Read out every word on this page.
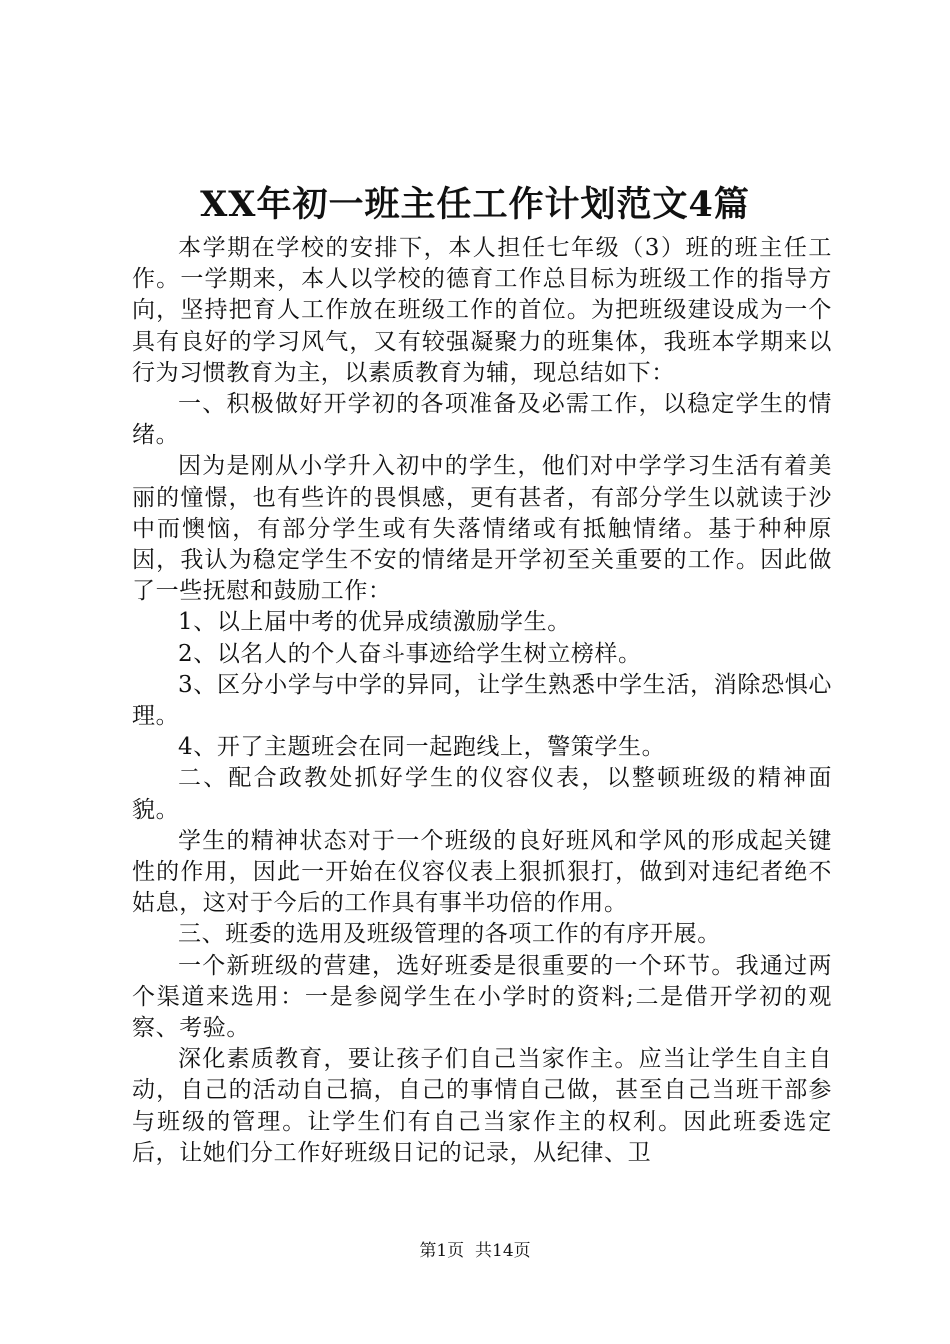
XX年初一班主任工作计划范文4篇

本学期在学校的安排下，本人担任七年级（3）班的班主任工作。一学期来，本人以学校的德育工作总目标为班级工作的指导方向，坚持把育人工作放在班级工作的首位。为把班级建设成为一个具有良好的学习风气，又有较强凝聚力的班集体，我班本学期来以行为习惯教育为主，以素质教育为辅，现总结如下：

一、积极做好开学初的各项准备及必需工作，以稳定学生的情绪。

因为是刚从小学升入初中的学生，他们对中学学习生活有着美丽的憧憬，也有些许的畏惧感，更有甚者，有部分学生以就读于沙中而懊恼，有部分学生或有失落情绪或有抵触情绪。基于种种原因，我认为稳定学生不安的情绪是开学初至关重要的工作。因此做了一些抚慰和鼓励工作：

1、以上届中考的优异成绩激励学生。

2、以名人的个人奋斗事迹给学生树立榜样。

3、区分小学与中学的异同，让学生熟悉中学生活，消除恐惧心理。

4、开了主题班会在同一起跑线上，警策学生。

二、配合政教处抓好学生的仪容仪表，以整顿班级的精神面貌。

学生的精神状态对于一个班级的良好班风和学风的形成起关键性的作用，因此一开始在仪容仪表上狠抓狠打，做到对违纪者绝不姑息，这对于今后的工作具有事半功倍的作用。

三、班委的选用及班级管理的各项工作的有序开展。

一个新班级的营建，选好班委是很重要的一个环节。我通过两个渠道来选用：一是参阅学生在小学时的资料;二是借开学初的观察、考验。

深化素质教育，要让孩子们自己当家作主。应当让学生自主自动，自己的活动自己搞，自己的事情自己做，甚至自己当班干部参与班级的管理。让学生们有自己当家作主的权利。因此班委选定后，让她们分工作好班级日记的记录，从纪律、卫

第1页 共14页
